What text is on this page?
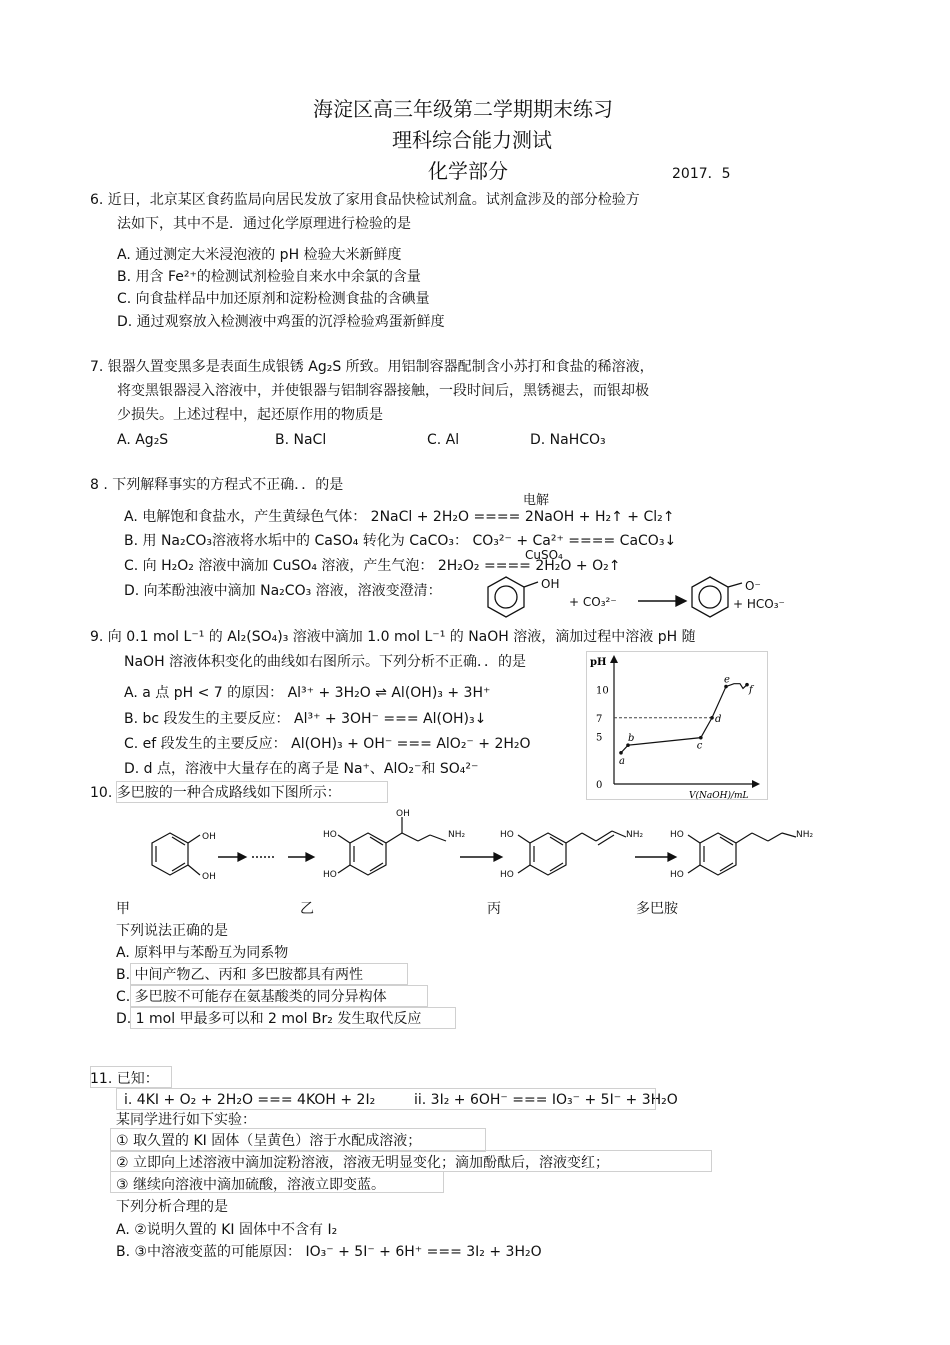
海淀区高三年级第二学期期末练习
理科综合能力测试
化学部分	2017．5
6. 近日，北京某区食药监局向居民发放了家用食品快检试剂盒。试剂盒涉及的部分检验方
法如下，其中不是．通过化学原理进行检验的是
A. 通过测定大米浸泡液的 pH 检验大米新鲜度
B. 用含 Fe²⁺的检测试剂检验自来水中余氯的含量
C. 向食盐样品中加还原剂和淀粉检测食盐的含碘量
D. 通过观察放入检测液中鸡蛋的沉浮检验鸡蛋新鲜度
7. 银器久置变黑多是表面生成银锈 Ag₂S 所致。用铝制容器配制含小苏打和食盐的稀溶液，
将变黑银器浸入溶液中，并使银器与铝制容器接触，一段时间后，黑锈褪去，而银却极
少损失。上述过程中，起还原作用的物质是
A. Ag₂S	B. NaCl	C. Al	D. NaHCO₃
8 . 下列解释事实的方程式不正确．．的是
电解
A. 电解饱和食盐水，产生黄绿色气体： 2NaCl + 2H₂O ==== 2NaOH + H₂↑ + Cl₂↑
B. 用 Na₂CO₃溶液将水垢中的 CaSO₄ 转化为 CaCO₃： CO₃²⁻ + Ca²⁺ ==== CaCO₃↓
CuSO₄
C. 向 H₂O₂ 溶液中滴加 CuSO₄ 溶液，产生气泡： 2H₂O₂ ==== 2H₂O + O₂↑
D. 向苯酚浊液中滴加 Na₂CO₃ 溶液，溶液变澄清：	OH
+ CO₃²⁻
O⁻
+ HCO₃⁻
9. 向 0.1 mol L⁻¹ 的 Al₂(SO₄)₃ 溶液中滴加 1.0 mol L⁻¹ 的 NaOH 溶液，滴加过程中溶液 pH 随
NaOH 溶液体积变化的曲线如右图所示。下列分析不正确．．的是
A. a 点 pH < 7 的原因： Al³⁺ + 3H₂O ⇌ Al(OH)₃ + 3H⁺
B. bc 段发生的主要反应： Al³⁺ + 3OH⁻ === Al(OH)₃↓
C. ef 段发生的主要反应： Al(OH)₃ + OH⁻ === AlO₂⁻ + 2H₂O
D. d 点，溶液中大量存在的离子是 Na⁺、AlO₂⁻和 SO₄²⁻
pH
V(NaOH)/mL
0
5
7
10
a
b
c
d
e
f
10. 多巴胺的一种合成路线如下图所示：
OH
OH
HO
HO
OH
NH₂	HO
HO
NH₂	HO
HO
NH₂
甲	乙	丙	多巴胺
下列说法正确的是
A. 原料甲与苯酚互为同系物
B. 中间产物乙、丙和 多巴胺都具有两性
C. 多巴胺不可能存在氨基酸类的同分异构体
D. 1 mol 甲最多可以和 2 mol Br₂ 发生取代反应
11. 已知：
i. 4KI + O₂ + 2H₂O === 4KOH + 2I₂	ii. 3I₂ + 6OH⁻ === IO₃⁻ + 5I⁻ + 3H₂O
某同学进行如下实验：
① 取久置的 KI 固体（呈黄色）溶于水配成溶液；
② 立即向上述溶液中滴加淀粉溶液，溶液无明显变化；滴加酚酞后，溶液变红；
③ 继续向溶液中滴加硫酸，溶液立即变蓝。
下列分析合理的是
A. ②说明久置的 KI 固体中不含有 I₂
B. ③中溶液变蓝的可能原因： IO₃⁻ + 5I⁻ + 6H⁺ === 3I₂ + 3H₂O
